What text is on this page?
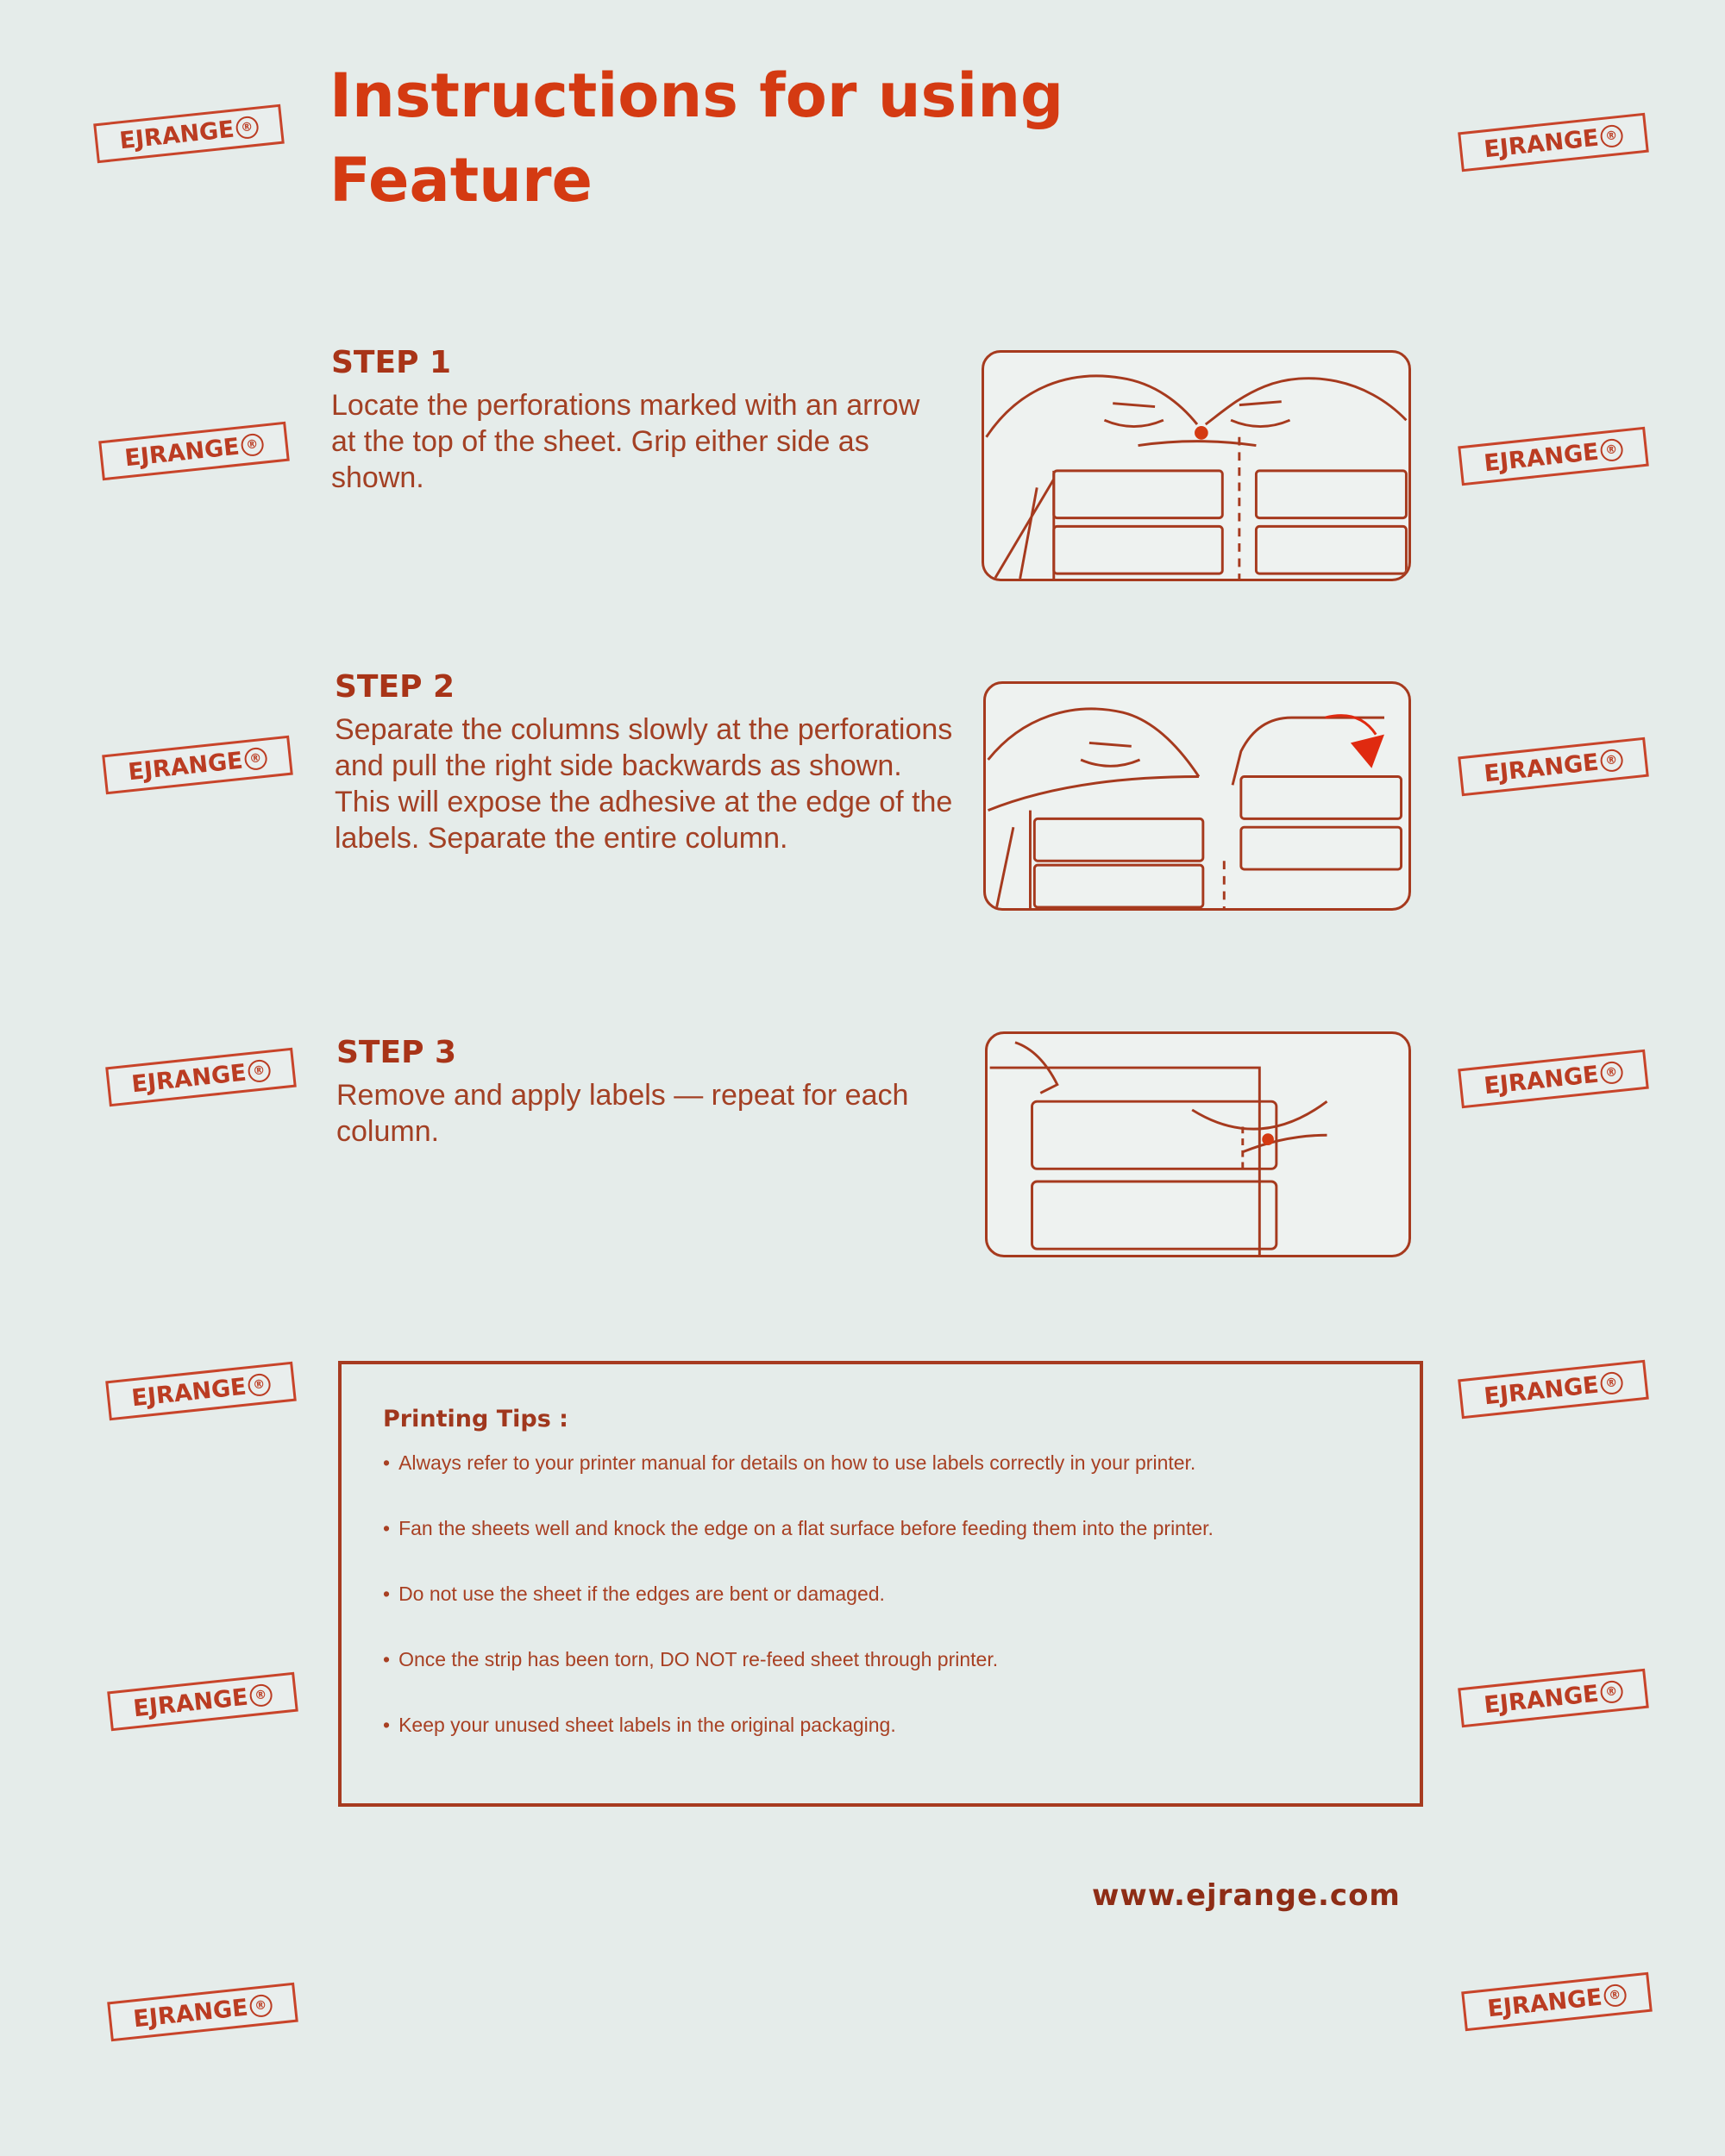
Instructions for using
Feature
EJRANGE ®
EJRANGE ®
EJRANGE ®
EJRANGE ®
EJRANGE ®
EJRANGE ®
EJRANGE ®
EJRANGE ®
EJRANGE ®
EJRANGE ®
EJRANGE ®
EJRANGE ®
EJRANGE ®
EJRANGE ®
STEP 1
Locate the perforations marked with an arrow at the top of the sheet. Grip either side as shown.
STEP 2
Separate the columns slowly at the perforations and pull the right side backwards as shown. This will expose the adhesive at the edge of the labels. Separate the entire column.
STEP 3
Remove and apply labels — repeat for each column.
Printing Tips :
• Always refer to your printer manual for details on how to use labels correctly in your printer.
• Fan the sheets well and knock the edge on a flat surface before feeding them into the printer.
• Do not use the sheet if the edges are bent or damaged.
• Once the strip has been torn, DO NOT re-feed sheet through printer.
• Keep your unused sheet labels in the original packaging.
www.ejrange.com
